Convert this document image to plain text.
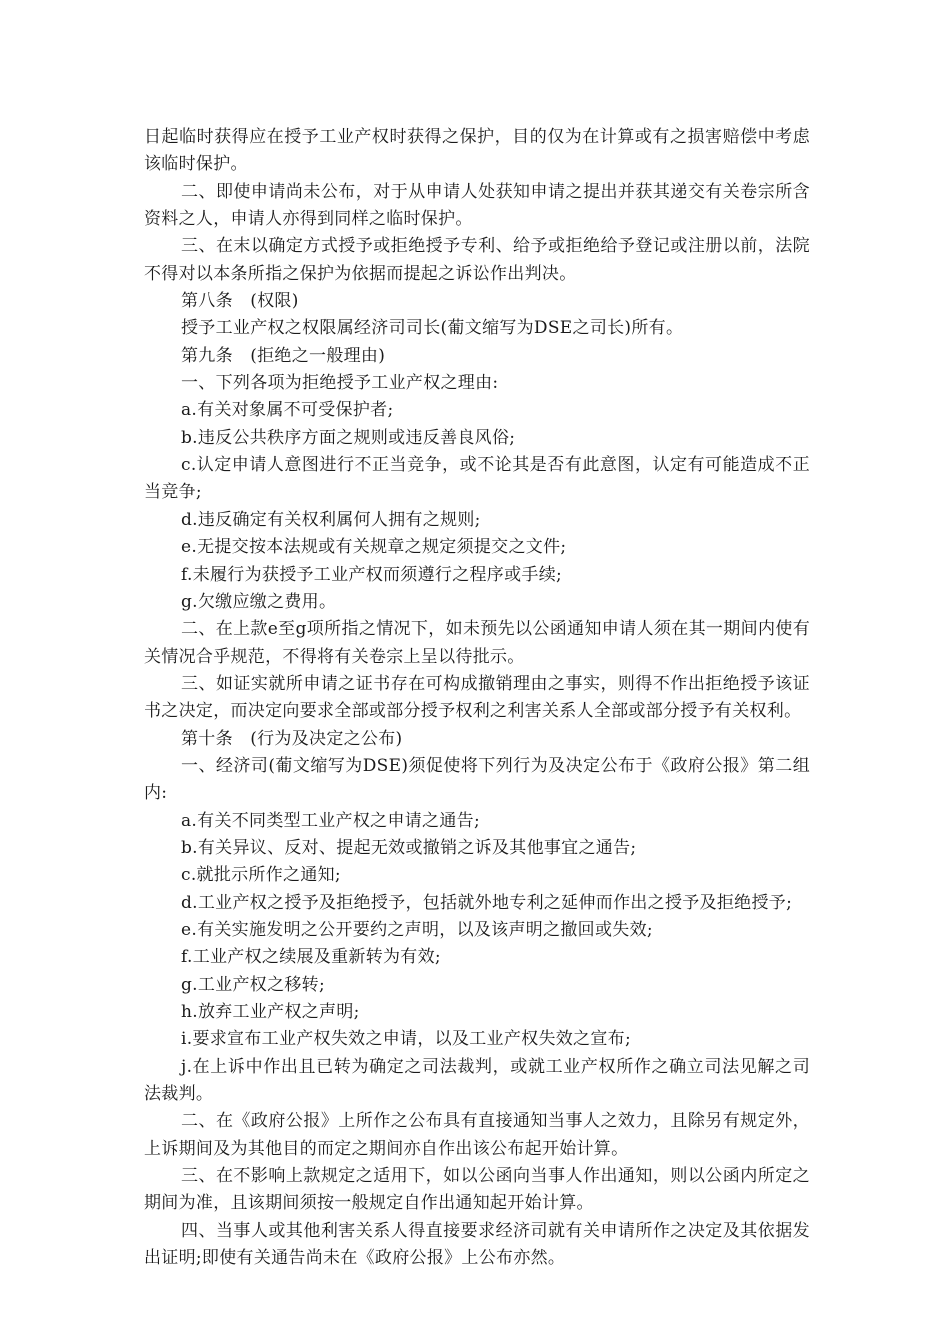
日起临时获得应在授予工业产权时获得之保护，目的仅为在计算或有之损害赔偿中考虑该临时保护。

二、即使申请尚未公布，对于从申请人处获知申请之提出并获其递交有关卷宗所含资料之人，申请人亦得到同样之临时保护。

三、在末以确定方式授予或拒绝授予专利、给予或拒绝给予登记或注册以前，法院不得对以本条所指之保护为依据而提起之诉讼作出判决。

第八条　(权限)

授予工业产权之权限属经济司司长(葡文缩写为DSE之司长)所有。

第九条　(拒绝之一般理由)

一、下列各项为拒绝授予工业产权之理由:

a.有关对象属不可受保护者;

b.违反公共秩序方面之规则或违反善良风俗;

c.认定申请人意图进行不正当竞争，或不论其是否有此意图，认定有可能造成不正当竞争;

d.违反确定有关权利属何人拥有之规则;

e.无提交按本法规或有关规章之规定须提交之文件;

f.未履行为获授予工业产权而须遵行之程序或手续;

g.欠缴应缴之费用。

二、在上款e至g项所指之情况下，如未预先以公函通知申请人须在其一期间内使有关情况合乎规范，不得将有关卷宗上呈以待批示。

三、如证实就所申请之证书存在可构成撤销理由之事实，则得不作出拒绝授予该证书之决定，而决定向要求全部或部分授予权利之利害关系人全部或部分授予有关权利。

第十条　(行为及决定之公布)

一、经济司(葡文缩写为DSE)须促使将下列行为及决定公布于《政府公报》第二组内:

a.有关不同类型工业产权之申请之通告;

b.有关异议、反对、提起无效或撤销之诉及其他事宜之通告;

c.就批示所作之通知;

d.工业产权之授予及拒绝授予，包括就外地专利之延伸而作出之授予及拒绝授予;

e.有关实施发明之公开要约之声明，以及该声明之撤回或失效;

f.工业产权之续展及重新转为有效;

g.工业产权之移转;

h.放弃工业产权之声明;

i.要求宣布工业产权失效之申请，以及工业产权失效之宣布;

j.在上诉中作出且已转为确定之司法裁判，或就工业产权所作之确立司法见解之司法裁判。

二、在《政府公报》上所作之公布具有直接通知当事人之效力，且除另有规定外，上诉期间及为其他目的而定之期间亦自作出该公布起开始计算。

三、在不影响上款规定之适用下，如以公函向当事人作出通知，则以公函内所定之期间为准，且该期间须按一般规定自作出通知起开始计算。

四、当事人或其他利害关系人得直接要求经济司就有关申请所作之决定及其依据发出证明;即使有关通告尚未在《政府公报》上公布亦然。
